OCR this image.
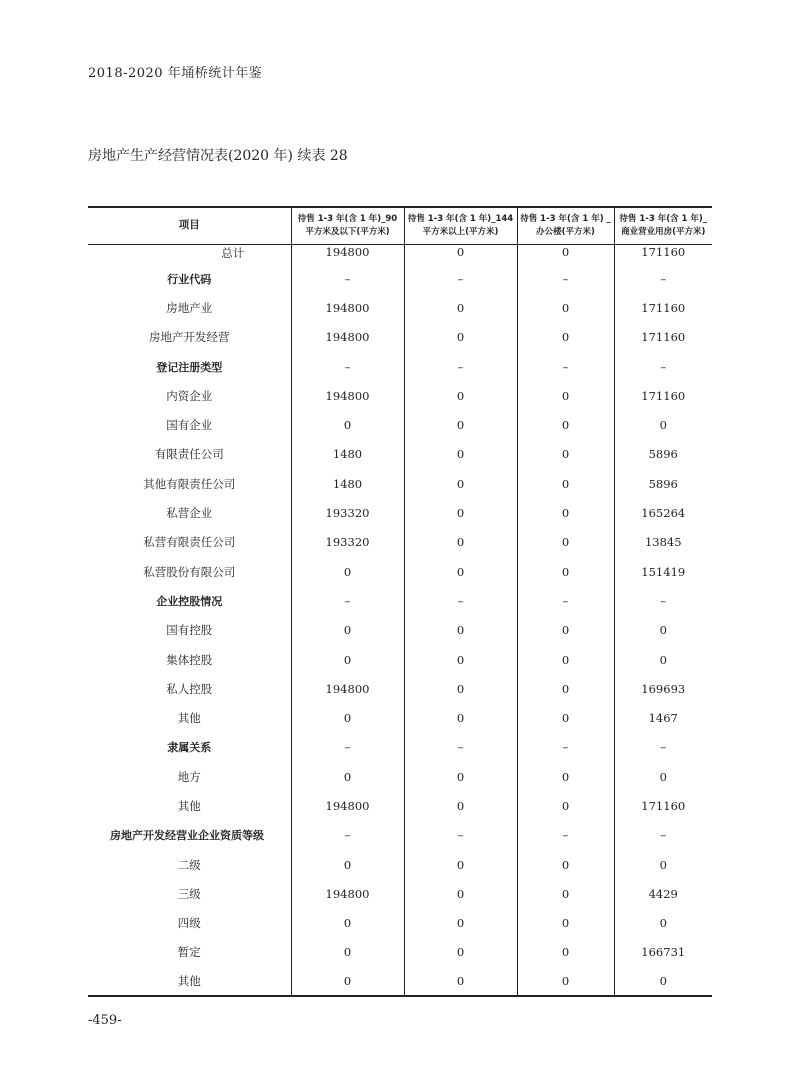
2018-2020 年埇桥统计年鉴
房地产生产经营情况表(2020 年) 续表 28
项目	待售 1-3 年(含 1 年)_90 平方米及以下(平方米)	待售 1-3 年(含 1 年)_144 平方米以上(平方米)	待售 1-3 年(含 1 年) _办公楼(平方米)	待售 1-3 年(含 1 年)_ 商业营业用房(平方米)
总计	194800	0	0	171160
行业代码	–	–	–	–
房地产业	194800	0	0	171160
房地产开发经营	194800	0	0	171160
登记注册类型	–	–	–	–
内资企业	194800	0	0	171160
国有企业	0	0	0	0
有限责任公司	1480	0	0	5896
其他有限责任公司	1480	0	0	5896
私营企业	193320	0	0	165264
私营有限责任公司	193320	0	0	13845
私营股份有限公司	0	0	0	151419
企业控股情况	–	–	–	–
国有控股	0	0	0	0
集体控股	0	0	0	0
私人控股	194800	0	0	169693
其他	0	0	0	1467
隶属关系	–	–	–	–
地方	0	0	0	0
其他	194800	0	0	171160
房地产开发经营业企业资质等级	–	–	–	–
二级	0	0	0	0
三级	194800	0	0	4429
四级	0	0	0	0
暂定	0	0	0	166731
其他	0	0	0	0
-459-
